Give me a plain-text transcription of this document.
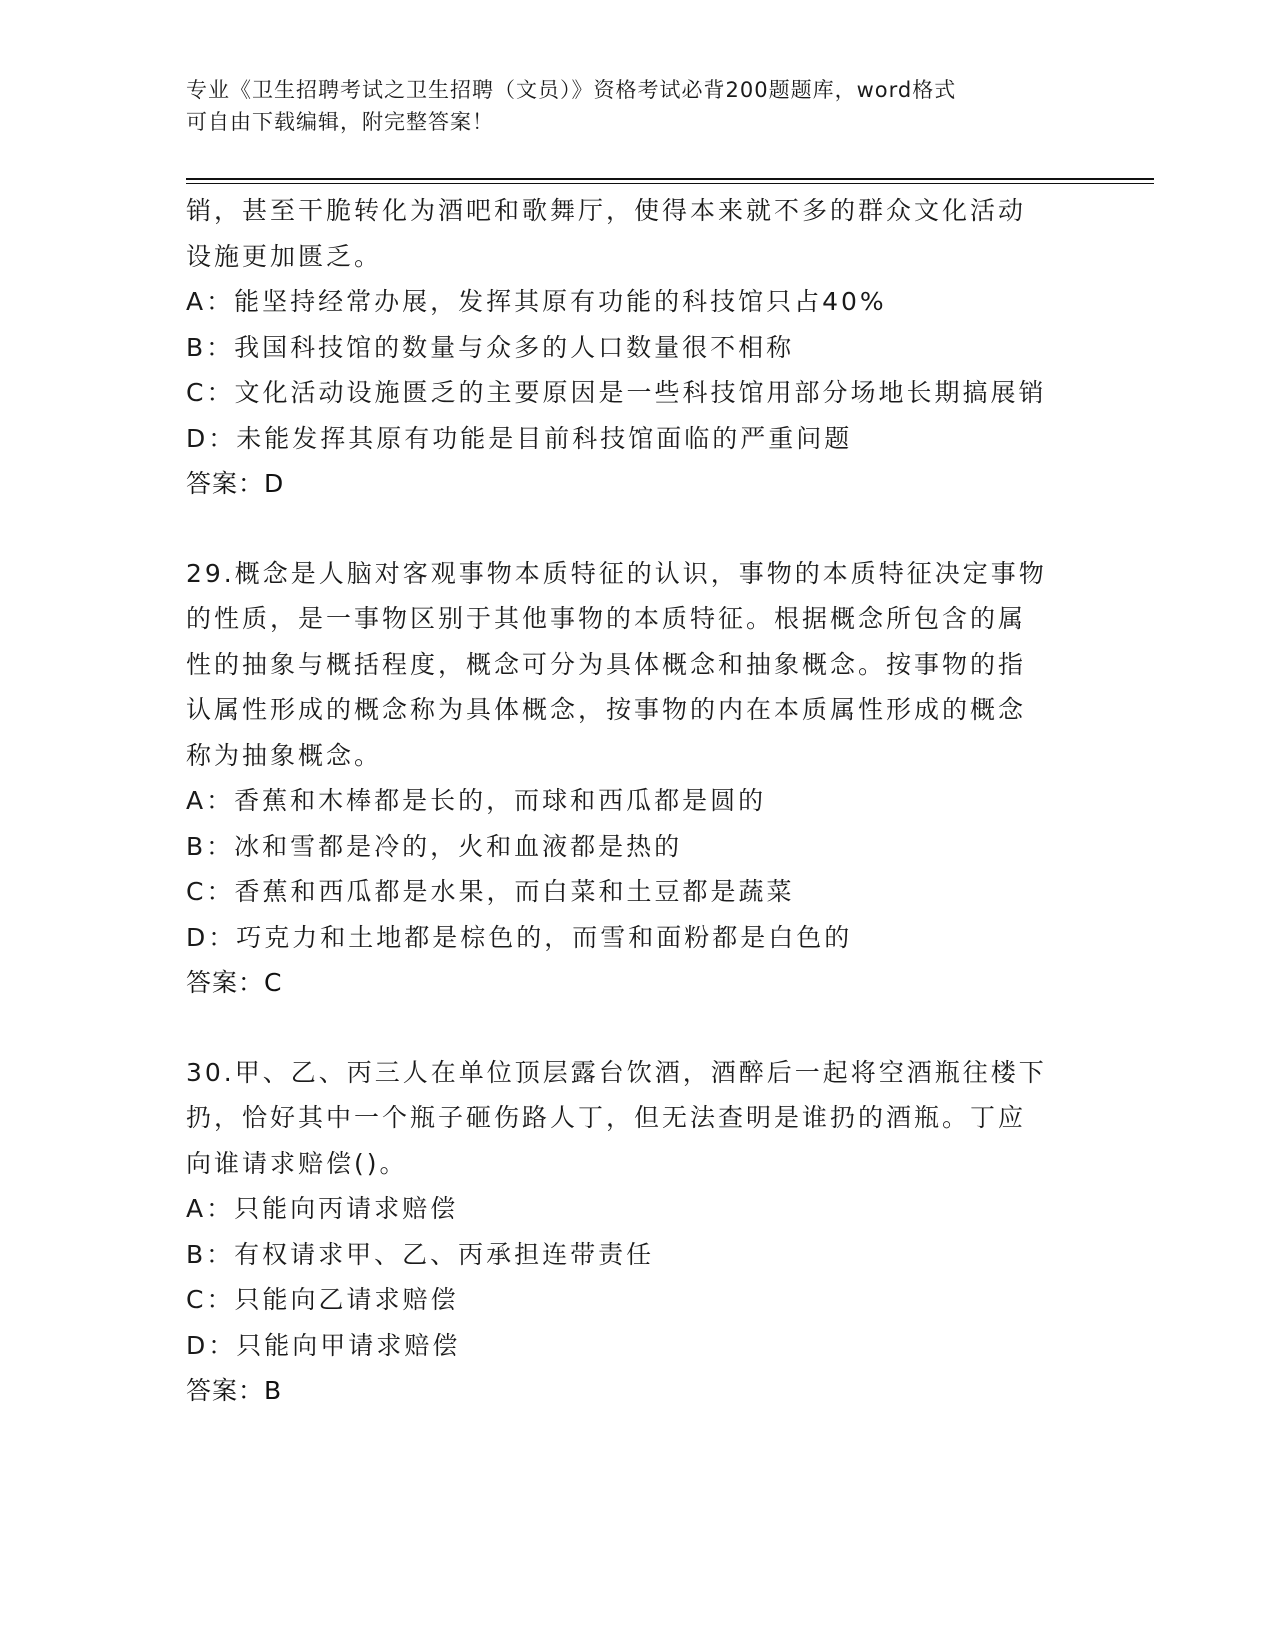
专业《卫生招聘考试之卫生招聘（文员）》资格考试必背200题题库，word格式
可自由下载编辑，附完整答案！

销，甚至干脆转化为酒吧和歌舞厅，使得本来就不多的群众文化活动

设施更加匮乏。

A：能坚持经常办展，发挥其原有功能的科技馆只占40%

B：我国科技馆的数量与众多的人口数量很不相称

C：文化活动设施匮乏的主要原因是一些科技馆用部分场地长期搞展销

D：未能发挥其原有功能是目前科技馆面临的严重问题

答案：D

29.概念是人脑对客观事物本质特征的认识，事物的本质特征决定事物

的性质，是一事物区别于其他事物的本质特征。根据概念所包含的属

性的抽象与概括程度，概念可分为具体概念和抽象概念。按事物的指

认属性形成的概念称为具体概念，按事物的内在本质属性形成的概念

称为抽象概念。

A：香蕉和木棒都是长的，而球和西瓜都是圆的

B：冰和雪都是冷的，火和血液都是热的

C：香蕉和西瓜都是水果，而白菜和土豆都是蔬菜

D：巧克力和土地都是棕色的，而雪和面粉都是白色的

答案：C

30.甲、乙、丙三人在单位顶层露台饮酒，酒醉后一起将空酒瓶往楼下

扔，恰好其中一个瓶子砸伤路人丁，但无法查明是谁扔的酒瓶。丁应

向谁请求赔偿()。

A：只能向丙请求赔偿

B：有权请求甲、乙、丙承担连带责任

C：只能向乙请求赔偿

D：只能向甲请求赔偿

答案：B
